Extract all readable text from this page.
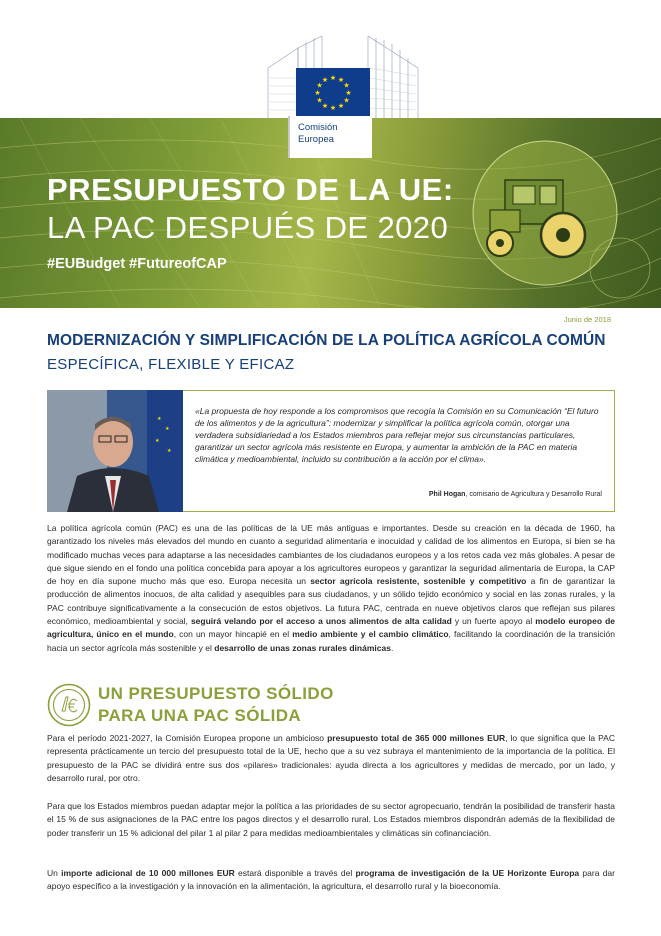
★ ★
★
★
★
★
★
★
★
★
★
★
Comisión
Europea
PRESUPUESTO DE LA UE:
LA PAC DESPUÉS DE 2020
#EUBudget #FutureofCAP
Junio de 2018
MODERNIZACIÓN Y SIMPLIFICACIÓN DE LA POLÍTICA AGRÍCOLA COMÚN
ESPECÍFICA, FLEXIBLE Y EFICAZ
★
★
★
★
«La propuesta de hoy responde a los compromisos que recogía la Comisión en su Comunicación “El futuro de los alimentos y de la agricultura”: modernizar y simplificar la política agrícola común, otorgar una verdadera subsidiariedad a los Estados miembros para reflejar mejor sus circunstancias particulares, garantizar un sector agrícola más resistente en Europa, y aumentar la ambición de la PAC en materia climática y medioambiental, incluido su contribución a la acción por el clima».
Phil Hogan, comisario de Agricultura y Desarrollo Rural
La política agrícola común (PAC) es una de las políticas de la UE más antiguas e importantes. Desde su creación en la década de 1960, ha garantizado los niveles más elevados del mundo en cuanto a seguridad alimentaria e inocuidad y calidad de los alimentos en Europa, si bien se ha modificado muchas veces para adaptarse a las necesidades cambiantes de los ciudadanos europeos y a los retos cada vez más globales. A pesar de que sigue siendo en el fondo una política concebida para apoyar a los agricultores europeos y garantizar la seguridad alimentaria de Europa, la CAP de hoy en día supone mucho más que eso. Europa necesita un sector agrícola resistente, sostenible y competitivo a fin de garantizar la producción de alimentos inocuos, de alta calidad y asequibles para sus ciudadanos, y un sólido tejido económico y social en las zonas rurales, y la PAC contribuye significativamente a la consecución de estos objetivos. La futura PAC, centrada en nueve objetivos claros que reflejan sus pilares económico, medioambiental y social, seguirá velando por el acceso a unos alimentos de alta calidad y un fuerte apoyo al modelo europeo de agricultura, único en el mundo, con un mayor hincapié en el medio ambiente y el cambio climático, facilitando la coordinación de la transición hacia un sector agrícola más sostenible y el desarrollo de unas zonas rurales dinámicas.
UN PRESUPUESTO SÓLIDO
PARA UNA PAC SÓLIDA
Para el período 2021-2027, la Comisión Europea propone un ambicioso presupuesto total de 365 000 millones EUR, lo que significa que la PAC representa prácticamente un tercio del presupuesto total de la UE, hecho que a su vez subraya el mantenimiento de la importancia de la política. El presupuesto de la PAC se dividirá entre sus dos «pilares» tradicionales: ayuda directa a los agricultores y medidas de mercado, por un lado, y desarrollo rural, por otro.
Para que los Estados miembros puedan adaptar mejor la política a las prioridades de su sector agropecuario, tendrán la posibilidad de transferir hasta el 15 % de sus asignaciones de la PAC entre los pagos directos y el desarrollo rural. Los Estados miembros dispondrán además de la flexibilidad de poder transferir un 15 % adicional del pilar 1 al pilar 2 para medidas medioambientales y climáticas sin cofinanciación.
Un importe adicional de 10 000 millones EUR estará disponible a través del programa de investigación de la UE Horizonte Europa para dar apoyo específico a la investigación y la innovación en la alimentación, la agricultura, el desarrollo rural y la bioeconomía.
